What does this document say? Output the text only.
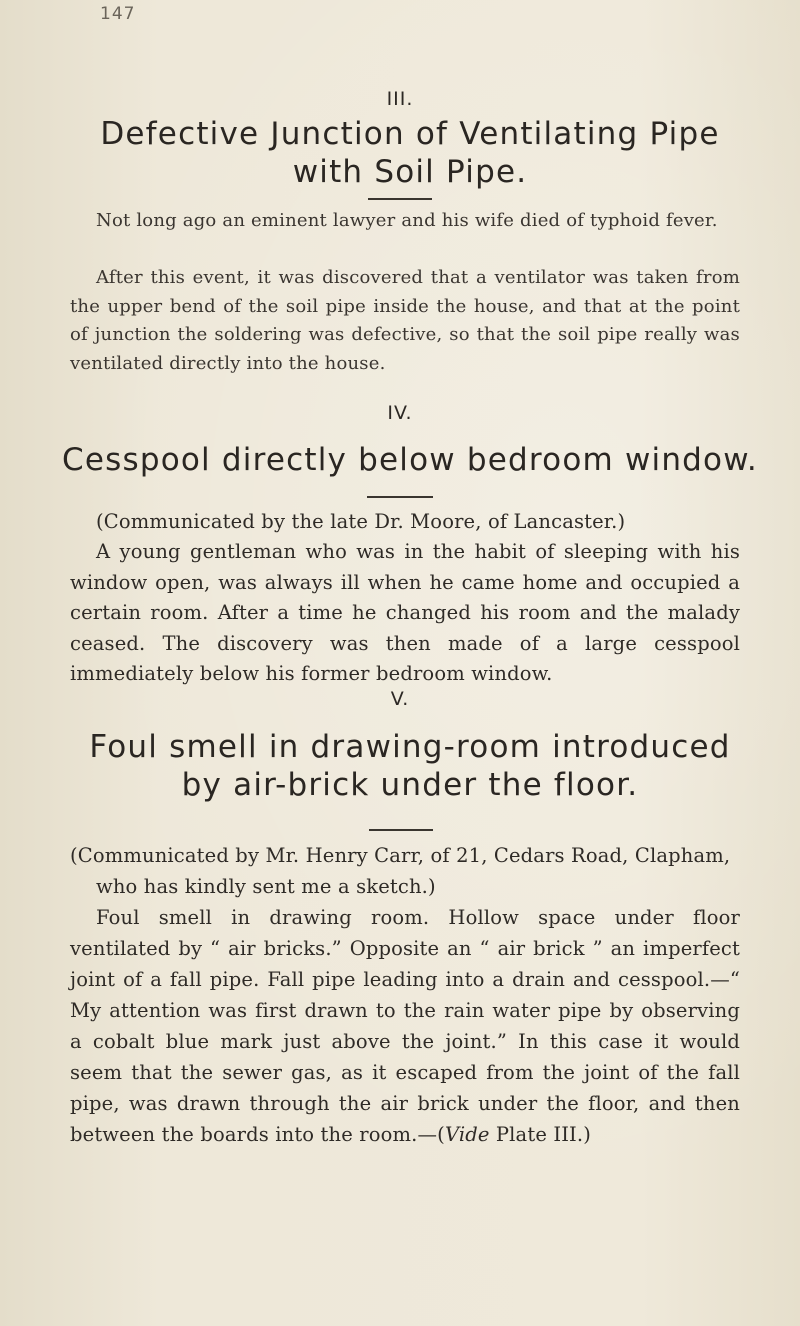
147
III.
Defective Junction of Ventilating Pipe
with Soil Pipe.

Not long ago an eminent lawyer and his wife died of typhoid fever.

After this event, it was discovered that a ventilator was taken from the upper bend of the soil pipe inside the house, and that at the point of junction the soldering was defective, so that the soil pipe really was ventilated directly into the house.

IV.
Cesspool directly below bedroom window.

(Communicated by the late Dr. Moore, of Lancaster.)

A young gentleman who was in the habit of sleeping with his window open, was always ill when he came home and occupied a certain room. After a time he changed his room and the malady ceased. The discovery was then made of a large cesspool immediately below his former bedroom window.

V.
Foul smell in drawing-room introduced
by air-brick under the floor.

(Communicated by Mr. Henry Carr, of 21, Cedars Road, Clapham, who has kindly sent me a sketch.)

Foul smell in drawing room. Hollow space under floor ventilated by “ air bricks.” Opposite an “ air brick ” an imperfect joint of a fall pipe. Fall pipe leading into a drain and cesspool.—“ My attention was first drawn to the rain water pipe by observing a cobalt blue mark just above the joint.” In this case it would seem that the sewer gas, as it escaped from the joint of the fall pipe, was drawn through the air brick under the floor, and then between the boards into the room.—(Vide Plate III.)
